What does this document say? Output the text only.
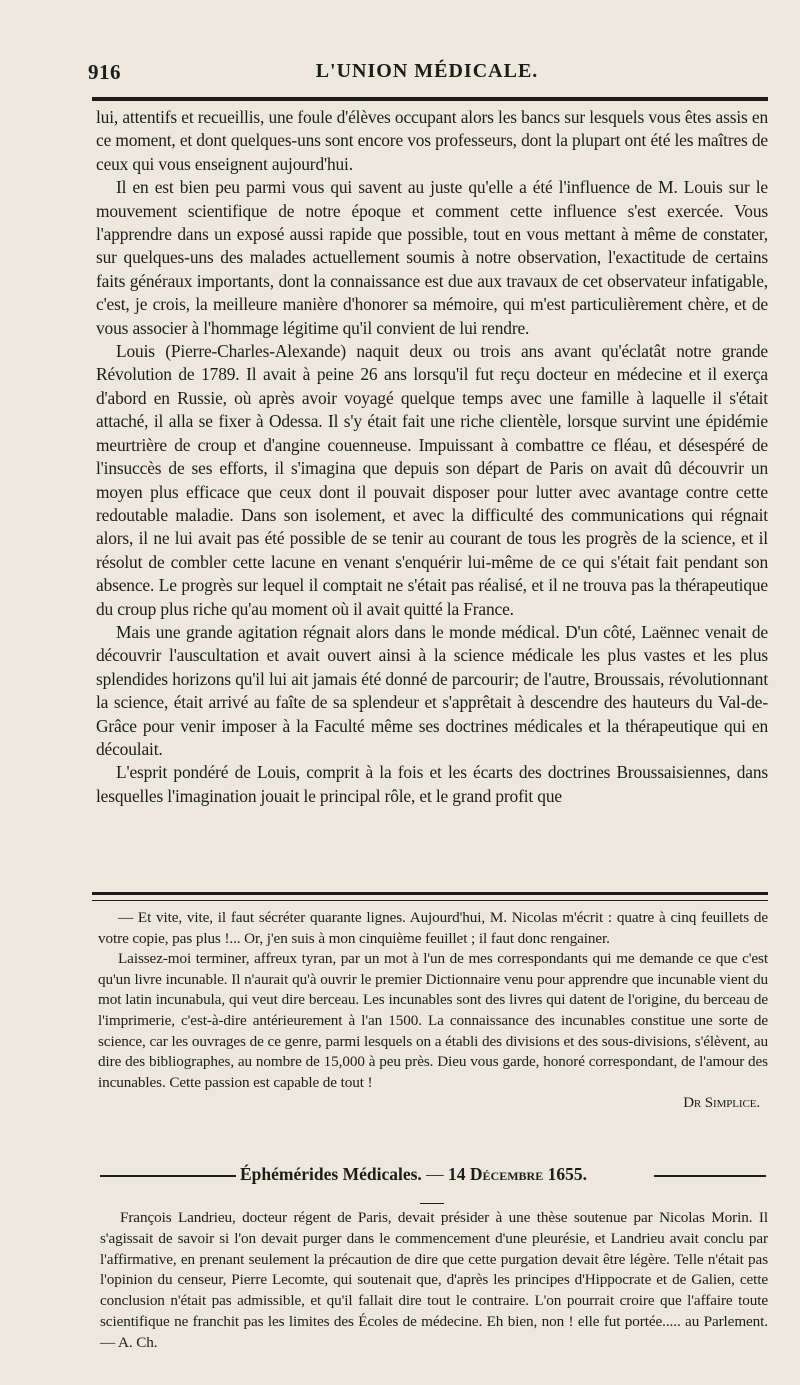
916	L'UNION MÉDICALE.

lui, attentifs et recueillis, une foule d'élèves occupant alors les bancs sur lesquels vous êtes assis en ce moment, et dont quelques-uns sont encore vos professeurs, dont la plupart ont été les maîtres de ceux qui vous enseignent aujourd'hui.

Il en est bien peu parmi vous qui savent au juste qu'elle a été l'influence de M. Louis sur le mouvement scientifique de notre époque et comment cette influence s'est exercée. Vous l'apprendre dans un exposé aussi rapide que possible, tout en vous mettant à même de constater, sur quelques-uns des malades actuellement soumis à notre observation, l'exactitude de certains faits généraux importants, dont la connaissance est due aux travaux de cet observateur infatigable, c'est, je crois, la meilleure manière d'honorer sa mémoire, qui m'est particulièrement chère, et de vous associer à l'hommage légitime qu'il convient de lui rendre.

Louis (Pierre-Charles-Alexande) naquit deux ou trois ans avant qu'éclatât notre grande Révolution de 1789. Il avait à peine 26 ans lorsqu'il fut reçu docteur en médecine et il exerça d'abord en Russie, où après avoir voyagé quelque temps avec une famille à laquelle il s'était attaché, il alla se fixer à Odessa. Il s'y était fait une riche clientèle, lorsque survint une épidémie meurtrière de croup et d'angine couenneuse. Impuissant à combattre ce fléau, et désespéré de l'insuccès de ses efforts, il s'imagina que depuis son départ de Paris on avait dû découvrir un moyen plus efficace que ceux dont il pouvait disposer pour lutter avec avantage contre cette redoutable maladie. Dans son isolement, et avec la difficulté des communications qui régnait alors, il ne lui avait pas été possible de se tenir au courant de tous les progrès de la science, et il résolut de combler cette lacune en venant s'enquérir lui-même de ce qui s'était fait pendant son absence. Le progrès sur lequel il comptait ne s'était pas réalisé, et il ne trouva pas la thérapeutique du croup plus riche qu'au moment où il avait quitté la France.

Mais une grande agitation régnait alors dans le monde médical. D'un côté, Laënnec venait de découvrir l'auscultation et avait ouvert ainsi à la science médicale les plus vastes et les plus splendides horizons qu'il lui ait jamais été donné de parcourir; de l'autre, Broussais, révolutionnant la science, était arrivé au faîte de sa splendeur et s'apprêtait à descendre des hauteurs du Val-de-Grâce pour venir imposer à la Faculté même ses doctrines médicales et la thérapeutique qui en découlait.

L'esprit pondéré de Louis, comprit à la fois et les écarts des doctrines Broussaisiennes, dans lesquelles l'imagination jouait le principal rôle, et le grand profit que

— Et vite, vite, il faut sécréter quarante lignes. Aujourd'hui, M. Nicolas m'écrit : quatre à cinq feuillets de votre copie, pas plus !... Or, j'en suis à mon cinquième feuillet ; il faut donc rengainer.

Laissez-moi terminer, affreux tyran, par un mot à l'un de mes correspondants qui me demande ce que c'est qu'un livre incunable. Il n'aurait qu'à ouvrir le premier Dictionnaire venu pour apprendre que incunable vient du mot latin incunabula, qui veut dire berceau. Les incunables sont des livres qui datent de l'origine, du berceau de l'imprimerie, c'est-à-dire antérieurement à l'an 1500. La connaissance des incunables constitue une sorte de science, car les ouvrages de ce genre, parmi lesquels on a établi des divisions et des sous-divisions, s'élèvent, au dire des bibliographes, au nombre de 15,000 à peu près. Dieu vous garde, honoré correspondant, de l'amour des incunables. Cette passion est capable de tout !

Dr Simplice.
Éphémérides Médicales. — 14 Décembre 1655.

François Landrieu, docteur régent de Paris, devait présider à une thèse soutenue par Nicolas Morin. Il s'agissait de savoir si l'on devait purger dans le commencement d'une pleurésie, et Landrieu avait conclu par l'affirmative, en prenant seulement la précaution de dire que cette purgation devait être légère. Telle n'était pas l'opinion du censeur, Pierre Lecomte, qui soutenait que, d'après les principes d'Hippocrate et de Galien, cette conclusion n'était pas admissible, et qu'il fallait dire tout le contraire. L'on pourrait croire que l'affaire toute scientifique ne franchit pas les limites des Écoles de médecine. Eh bien, non ! elle fut portée..... au Parlement. — A. Ch.
